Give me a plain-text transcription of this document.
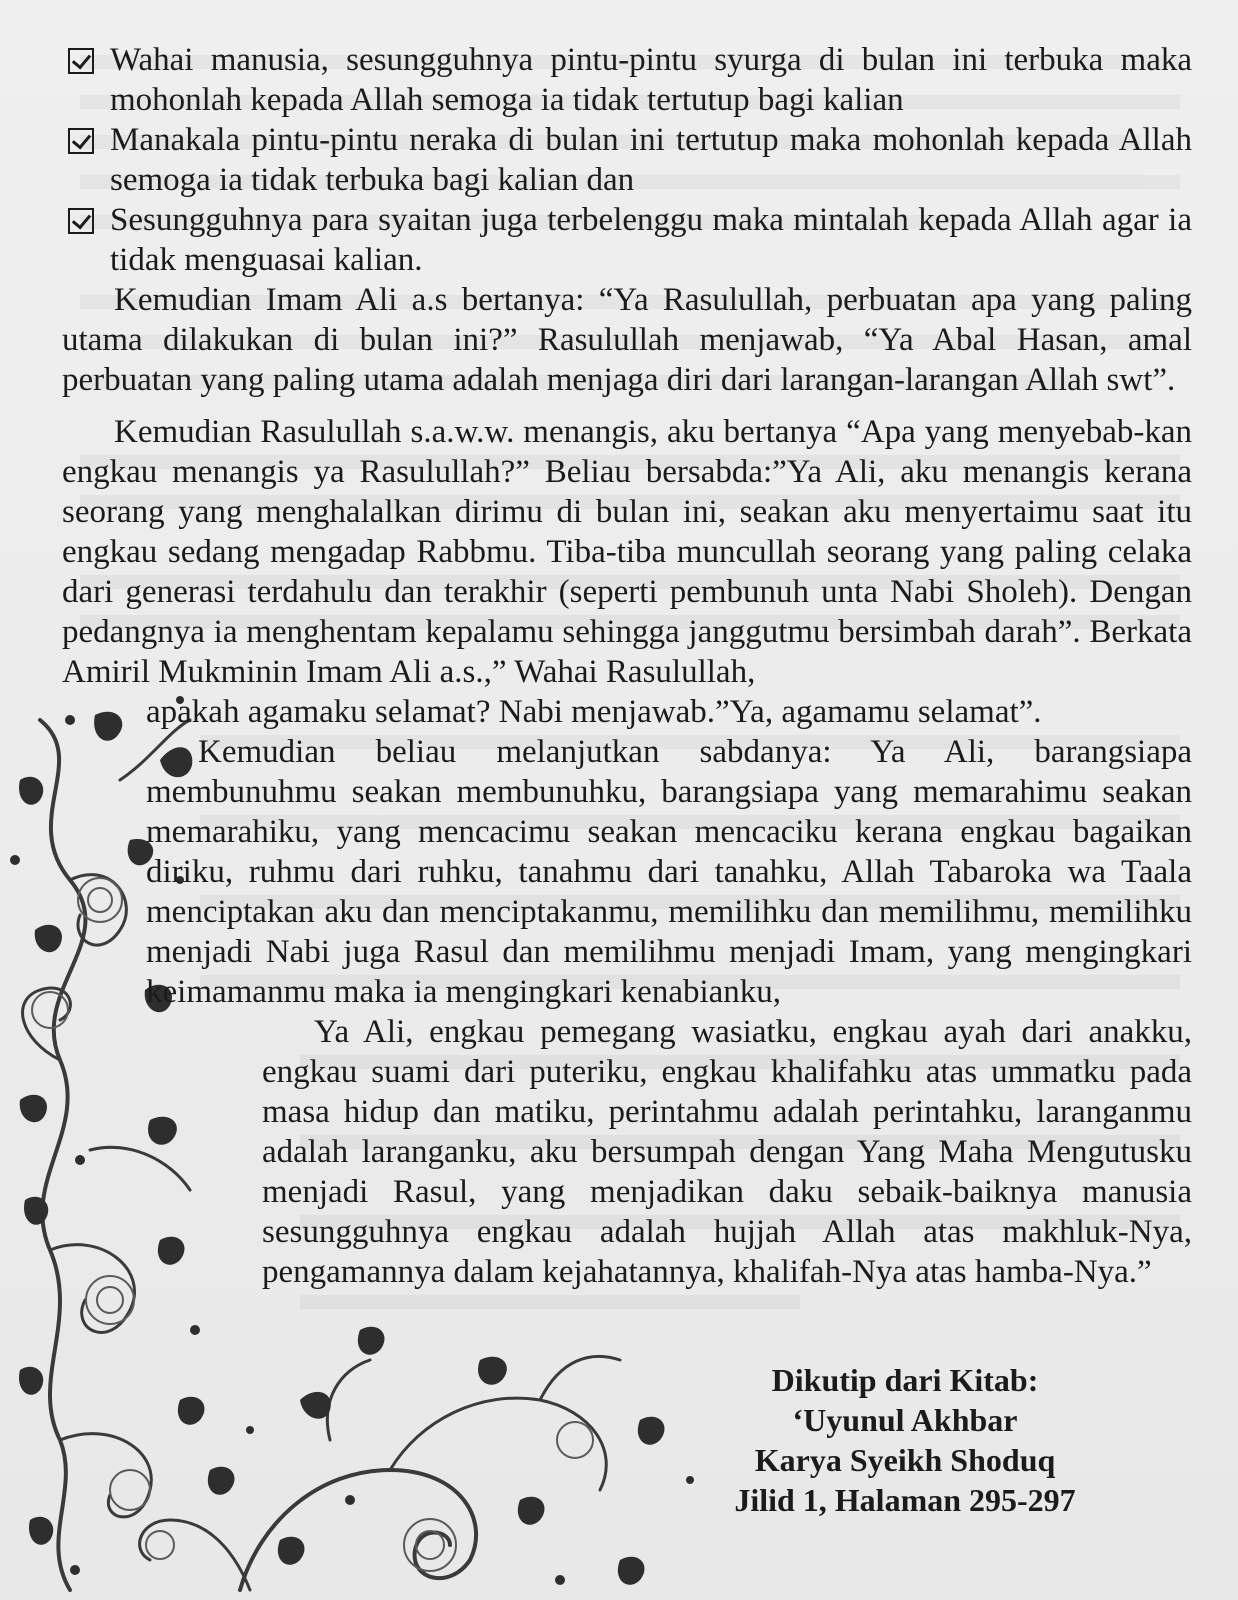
Wahai manusia, sesungguhnya pintu-pintu syurga di bulan ini terbuka maka mohonlah kepada Allah semoga ia tidak tertutup bagi kalian
Manakala pintu-pintu neraka di bulan ini tertutup maka mohonlah kepada Allah semoga ia tidak terbuka bagi kalian dan
Sesungguhnya para syaitan juga terbelenggu maka mintalah kepada Allah agar ia tidak menguasai kalian.

Kemudian Imam Ali a.s bertanya: “Ya Rasulullah, perbuatan apa yang paling utama dilakukan di bulan ini?” Rasulullah menjawab, “Ya Abal Hasan, amal perbuatan yang paling utama adalah menjaga diri dari larangan-larangan Allah swt”.

Kemudian Rasulullah s.a.w.w. menangis, aku bertanya “Apa yang menyebab-kan engkau menangis ya Rasulullah?” Beliau bersabda:”Ya Ali, aku menangis kerana seorang yang menghalalkan dirimu di bulan ini, seakan aku menyertaimu saat itu engkau sedang mengadap Rabbmu. Tiba-tiba muncullah seorang yang paling celaka dari generasi terdahulu dan terakhir (seperti pembunuh unta Nabi Sholeh). Dengan pedangnya ia menghentam kepalamu sehingga janggutmu bersimbah darah”. Berkata Amiril Mukminin Imam Ali a.s.,” Wahai Rasulullah,

apakah agamaku selamat? Nabi menjawab.”Ya, agamamu selamat”.

Kemudian beliau melanjutkan sabdanya: Ya Ali, barangsiapa membunuhmu seakan membunuhku, barangsiapa yang memarahimu seakan memarahiku, yang mencacimu seakan mencaciku kerana engkau bagaikan diriku, ruhmu dari ruhku, tanahmu dari tanahku, Allah Tabaroka wa Taala menciptakan aku dan menciptakanmu, memilihku dan memilihmu, memilihku menjadi Nabi juga Rasul dan memilihmu menjadi Imam, yang mengingkari keimamanmu maka ia mengingkari kenabianku,

Ya Ali, engkau pemegang wasiatku, engkau ayah dari anakku, engkau suami dari puteriku, engkau khalifahku atas ummatku pada masa hidup dan matiku, perintahmu adalah perintahku, laranganmu adalah laranganku, aku bersumpah dengan Yang Maha Mengutusku menjadi Rasul, yang menjadikan daku sebaik-baiknya manusia sesungguhnya engkau adalah hujjah Allah atas makhluk-Nya, pengamannya dalam kejahatannya, khalifah-Nya atas hamba-Nya.”

Dikutip dari Kitab:
‘Uyunul Akhbar
Karya Syeikh Shoduq
Jilid 1, Halaman 295-297
